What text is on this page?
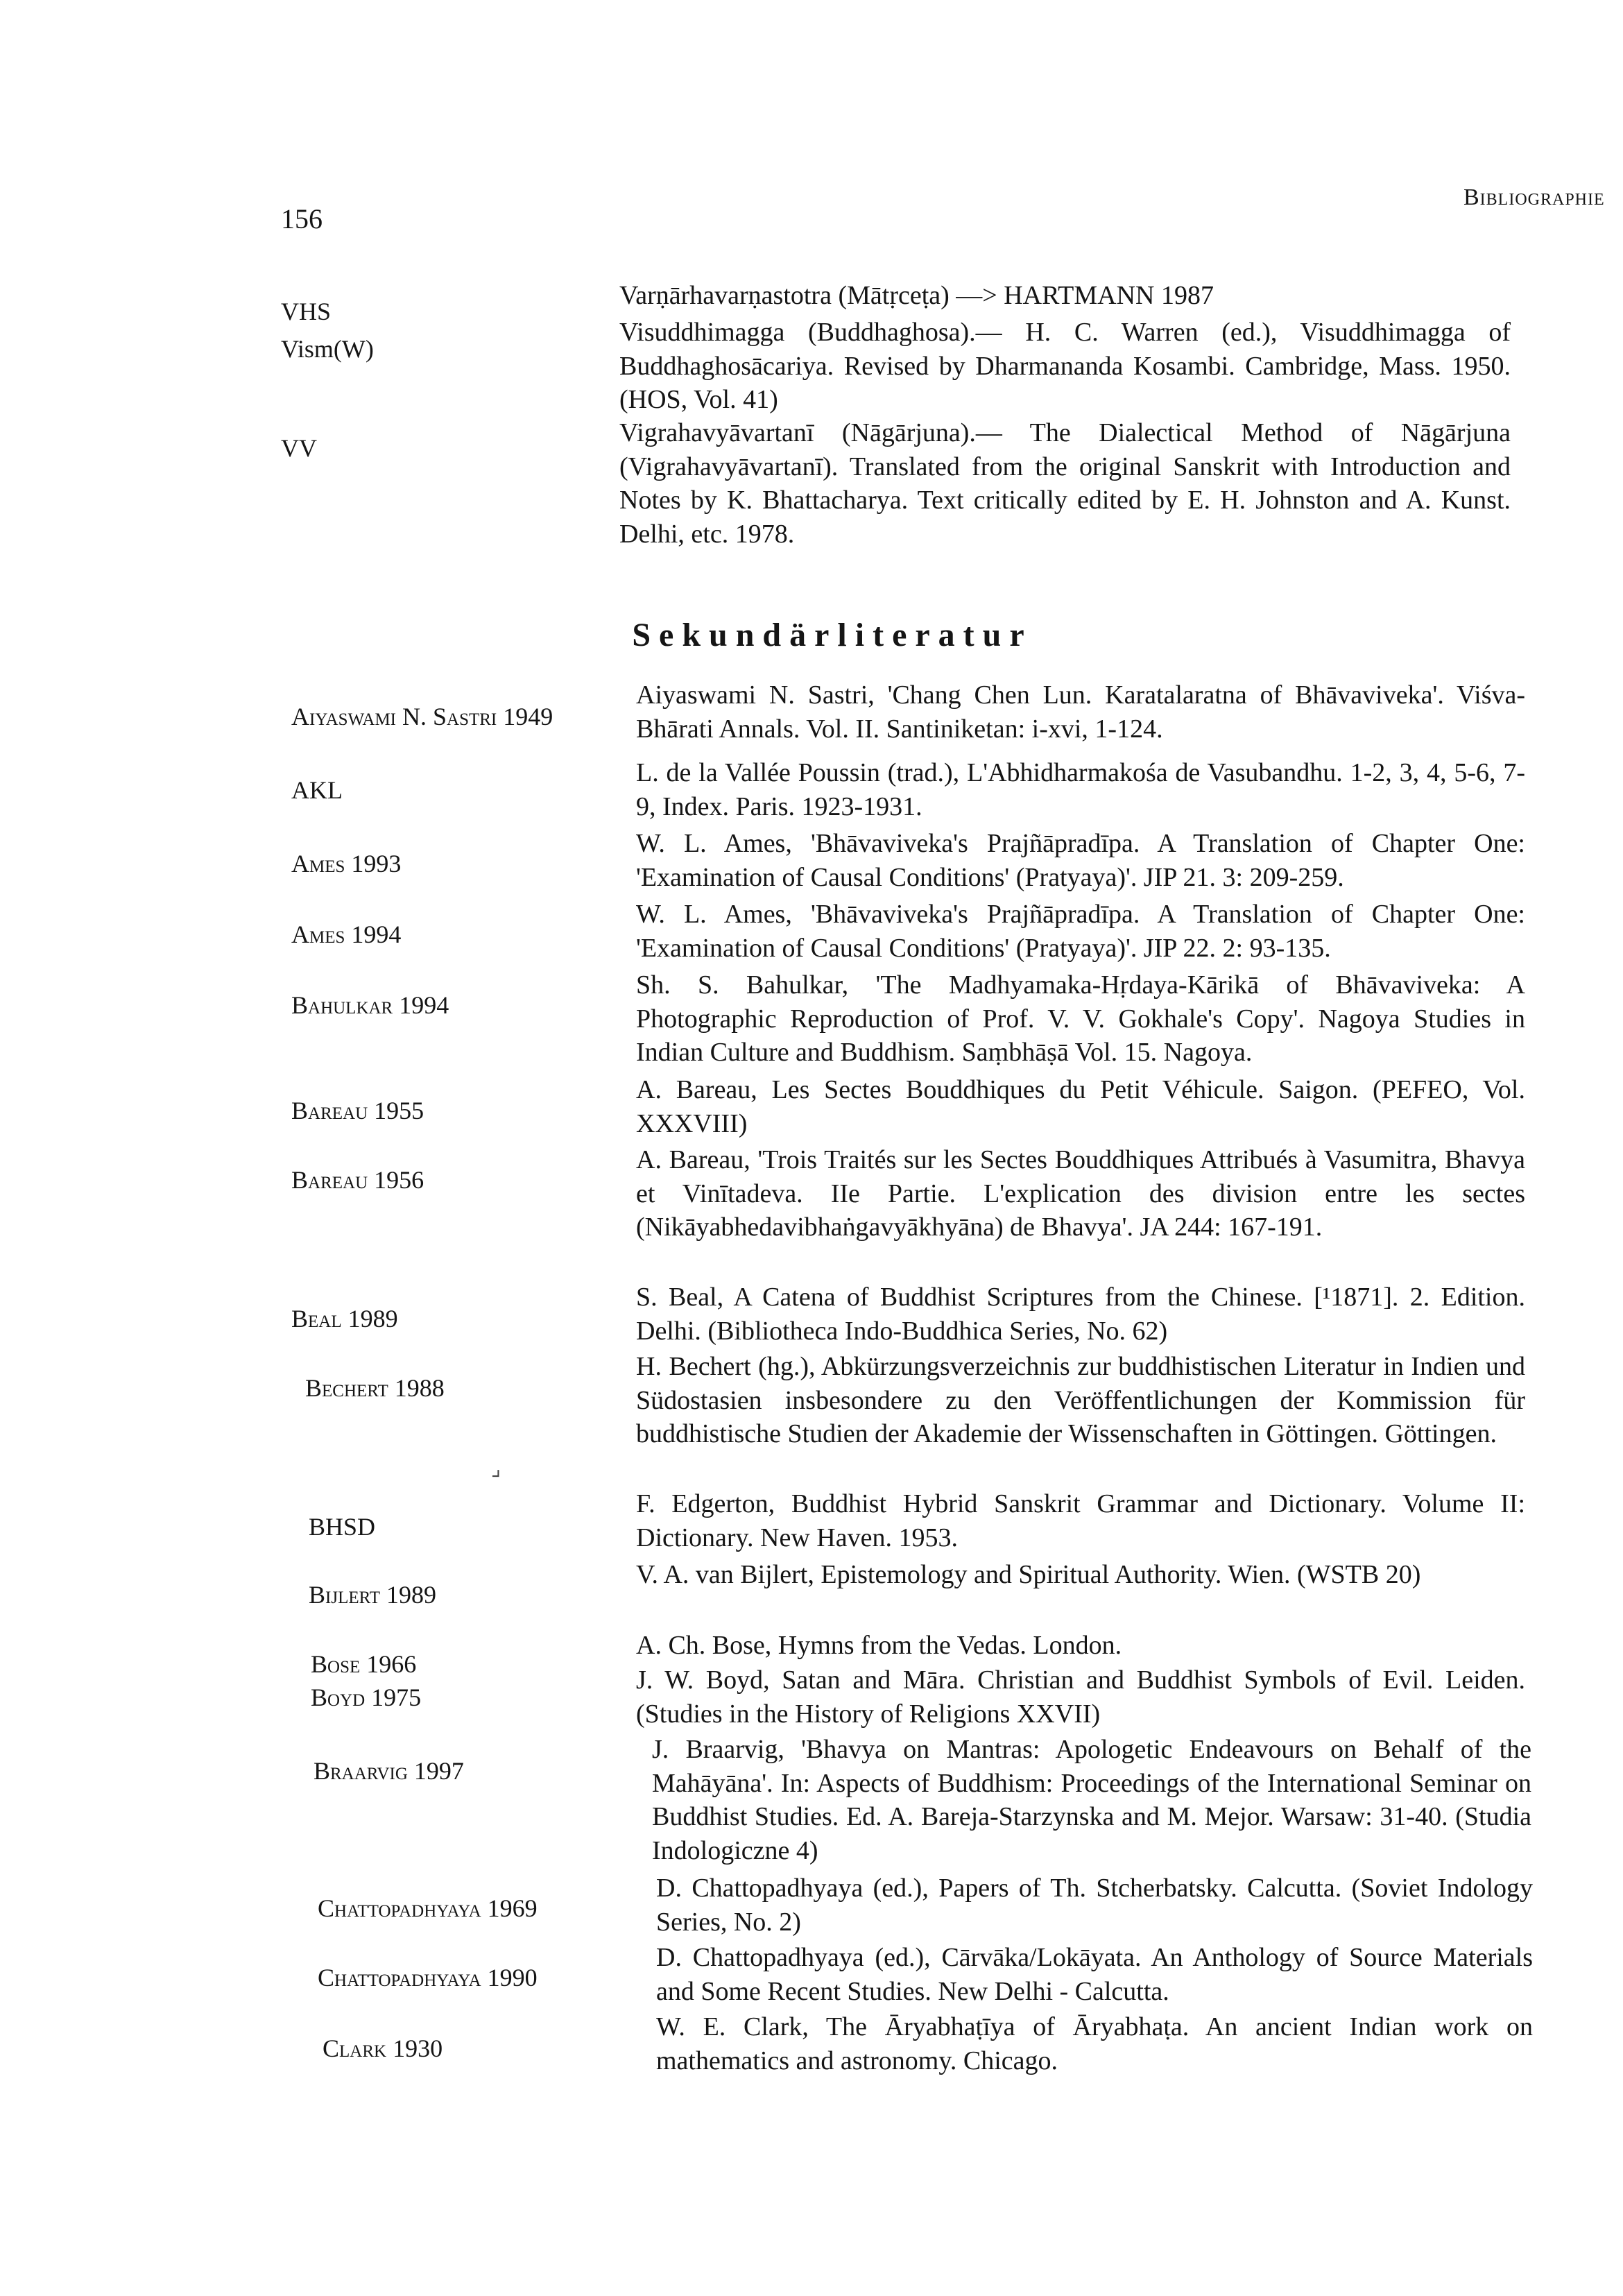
156
Bibliographie
VHS
Varṇārhavarṇastotra (Mātṛceṭa) —> HARTMANN 1987
Vism(W)
Visuddhimagga (Buddhaghosa).— H. C. Warren (ed.), Visuddhimagga of Buddhaghosācariya. Revised by Dharmananda Kosambi. Cambridge, Mass. 1950. (HOS, Vol. 41)
VV
Vigrahavyāvartanī (Nāgārjuna).— The Dialectical Method of Nāgārjuna (Vigrahavyāvartanī). Translated from the original Sanskrit with Introduction and Notes by K. Bhattacharya. Text critically edited by E. H. Johnston and A. Kunst. Delhi, etc. 1978.
Sekundärliteratur
Aiyaswami N. Sastri 1949
Aiyaswami N. Sastri, 'Chang Chen Lun. Karatalaratna of Bhāvaviveka'. Viśva-Bhārati Annals. Vol. II. Santiniketan: i-xvi, 1-124.
AKL
L. de la Vallée Poussin (trad.), L'Abhidharmakośa de Vasubandhu. 1-2, 3, 4, 5-6, 7-9, Index. Paris. 1923-1931.
Ames 1993
W. L. Ames, 'Bhāvaviveka's Prajñāpradīpa. A Translation of Chapter One: 'Examination of Causal Conditions' (Pratyaya)'. JIP 21. 3: 209-259.
Ames 1994
W. L. Ames, 'Bhāvaviveka's Prajñāpradīpa. A Translation of Chapter One: 'Examination of Causal Conditions' (Pratyaya)'. JIP 22. 2: 93-135.
Bahulkar 1994
Sh. S. Bahulkar, 'The Madhyamaka-Hṛdaya-Kārikā of Bhāvaviveka: A Photographic Reproduction of Prof. V. V. Gokhale's Copy'. Nagoya Studies in Indian Culture and Buddhism. Saṃbhāṣā Vol. 15. Nagoya.
Bareau 1955
A. Bareau, Les Sectes Bouddhiques du Petit Véhicule. Saigon. (PEFEO, Vol. XXXVIII)
Bareau 1956
A. Bareau, 'Trois Traités sur les Sectes Bouddhiques Attribués à Vasumitra, Bhavya et Vinītadeva. IIe Partie. L'explication des division entre les sectes (Nikāyabhedavibhaṅgavyākhyāna) de Bhavya'. JA 244: 167-191.
Beal 1989
S. Beal, A Catena of Buddhist Scriptures from the Chinese. [¹1871]. 2. Edition. Delhi. (Bibliotheca Indo-Buddhica Series, No. 62)
Bechert 1988
H. Bechert (hg.), Abkürzungsverzeichnis zur buddhistischen Literatur in Indien und Südostasien insbesondere zu den Veröffentlichungen der Kommission für buddhistische Studien der Akademie der Wissenschaften in Göttingen. Göttingen.
⌟
BHSD
F. Edgerton, Buddhist Hybrid Sanskrit Grammar and Dictionary. Volume II: Dictionary. New Haven. 1953.
Bijlert 1989
V. A. van Bijlert, Epistemology and Spiritual Authority. Wien. (WSTB 20)
Bose 1966
A. Ch. Bose, Hymns from the Vedas. London.
Boyd 1975
J. W. Boyd, Satan and Māra. Christian and Buddhist Symbols of Evil. Leiden. (Studies in the History of Religions XXVII)
Braarvig 1997
J. Braarvig, 'Bhavya on Mantras: Apologetic Endeavours on Behalf of the Mahāyāna'. In: Aspects of Buddhism: Proceedings of the International Seminar on Buddhist Studies. Ed. A. Bareja-Starzynska and M. Mejor. Warsaw: 31-40. (Studia Indologiczne 4)
Chattopadhyaya 1969
D. Chattopadhyaya (ed.), Papers of Th. Stcherbatsky. Calcutta. (Soviet Indology Series, No. 2)
Chattopadhyaya 1990
D. Chattopadhyaya (ed.), Cārvāka/Lokāyata. An Anthology of Source Materials and Some Recent Studies. New Delhi - Calcutta.
Clark 1930
W. E. Clark, The Āryabhaṭīya of Āryabhaṭa. An ancient Indian work on mathematics and astronomy. Chicago.
